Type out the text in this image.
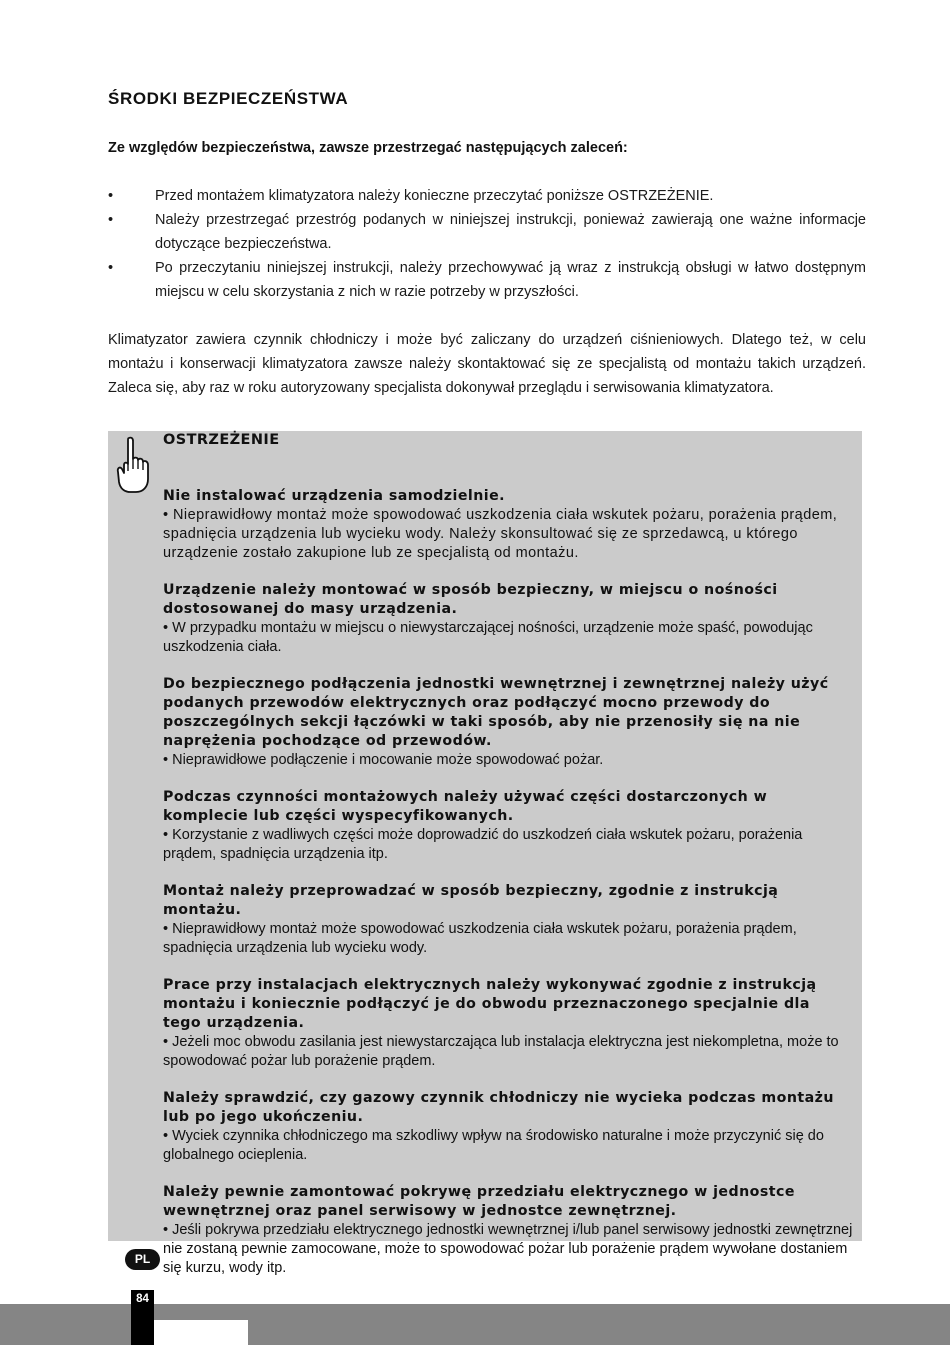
ŚRODKI BEZPIECZEŃSTWA
Ze względów bezpieczeństwa, zawsze przestrzegać następujących zaleceń:
•	Przed montażem klimatyzatora należy konieczne przeczytać poniższe OSTRZEŻENIE.
•	Należy przestrzegać przestróg podanych w niniejszej instrukcji, ponieważ zawierają one ważne informacje dotyczące bezpieczeństwa.
•	Po przeczytaniu niniejszej instrukcji, należy przechowywać ją wraz z instrukcją obsługi w łatwo dostępnym miejscu w celu skorzystania z nich w razie potrzeby w przyszłości.
Klimatyzator zawiera czynnik chłodniczy i może być zaliczany do urządzeń ciśnieniowych. Dlatego też, w celu montażu i konserwacji klimatyzatora zawsze należy skontaktować się ze specjalistą od montażu takich urządzeń. Zaleca się, aby raz w roku autoryzowany specjalista dokonywał przeglądu i serwisowania klimatyzatora.
OSTRZEŻENIE
Nie instalować urządzenia samodzielnie.
• Nieprawidłowy montaż może spowodować uszkodzenia ciała wskutek pożaru, porażenia prądem, spadnięcia urządzenia lub wycieku wody. Należy skonsultować się ze sprzedawcą, u którego urządzenie zostało zakupione lub ze specjalistą od montażu.
Urządzenie należy montować w sposób bezpieczny, w miejscu o nośności dostosowanej do masy urządzenia.
• W przypadku montażu w miejscu o niewystarczającej nośności, urządzenie może spaść, powodując uszkodzenia ciała.
Do bezpiecznego podłączenia jednostki wewnętrznej i zewnętrznej należy użyć podanych przewodów elektrycznych oraz podłączyć mocno przewody do poszczególnych sekcji łączówki w taki sposób, aby nie przenosiły się na nie naprężenia pochodzące od przewodów.
• Nieprawidłowe podłączenie i mocowanie może spowodować pożar.
Podczas czynności montażowych należy używać części dostarczonych w komplecie lub części wyspecyfikowanych.
• Korzystanie z wadliwych części może doprowadzić do uszkodzeń ciała wskutek pożaru, porażenia prądem, spadnięcia urządzenia itp.
Montaż należy przeprowadzać w sposób bezpieczny, zgodnie z instrukcją montażu.
• Nieprawidłowy montaż może spowodować uszkodzenia ciała wskutek pożaru, porażenia prądem, spadnięcia urządzenia lub wycieku wody.
Prace przy instalacjach elektrycznych należy wykonywać zgodnie z instrukcją montażu i koniecznie podłączyć je do obwodu przeznaczonego specjalnie dla tego urządzenia.
• Jeżeli moc obwodu zasilania jest niewystarczająca lub instalacja elektryczna jest niekompletna, może to spowodować pożar lub porażenie prądem.
Należy sprawdzić, czy gazowy czynnik chłodniczy nie wycieka podczas montażu lub po jego ukończeniu.
• Wyciek czynnika chłodniczego ma szkodliwy wpływ na środowisko naturalne i może przyczynić się do globalnego ocieplenia.
Należy pewnie zamontować pokrywę przedziału elektrycznego w jednostce wewnętrznej oraz panel serwisowy w jednostce zewnętrznej.
• Jeśli pokrywa przedziału elektrycznego jednostki wewnętrznej i/lub panel serwisowy jednostki zewnętrznej nie zostaną pewnie zamocowane, może to spowodować pożar lub porażenie prądem wywołane dostaniem się kurzu, wody itp.
PL
84
